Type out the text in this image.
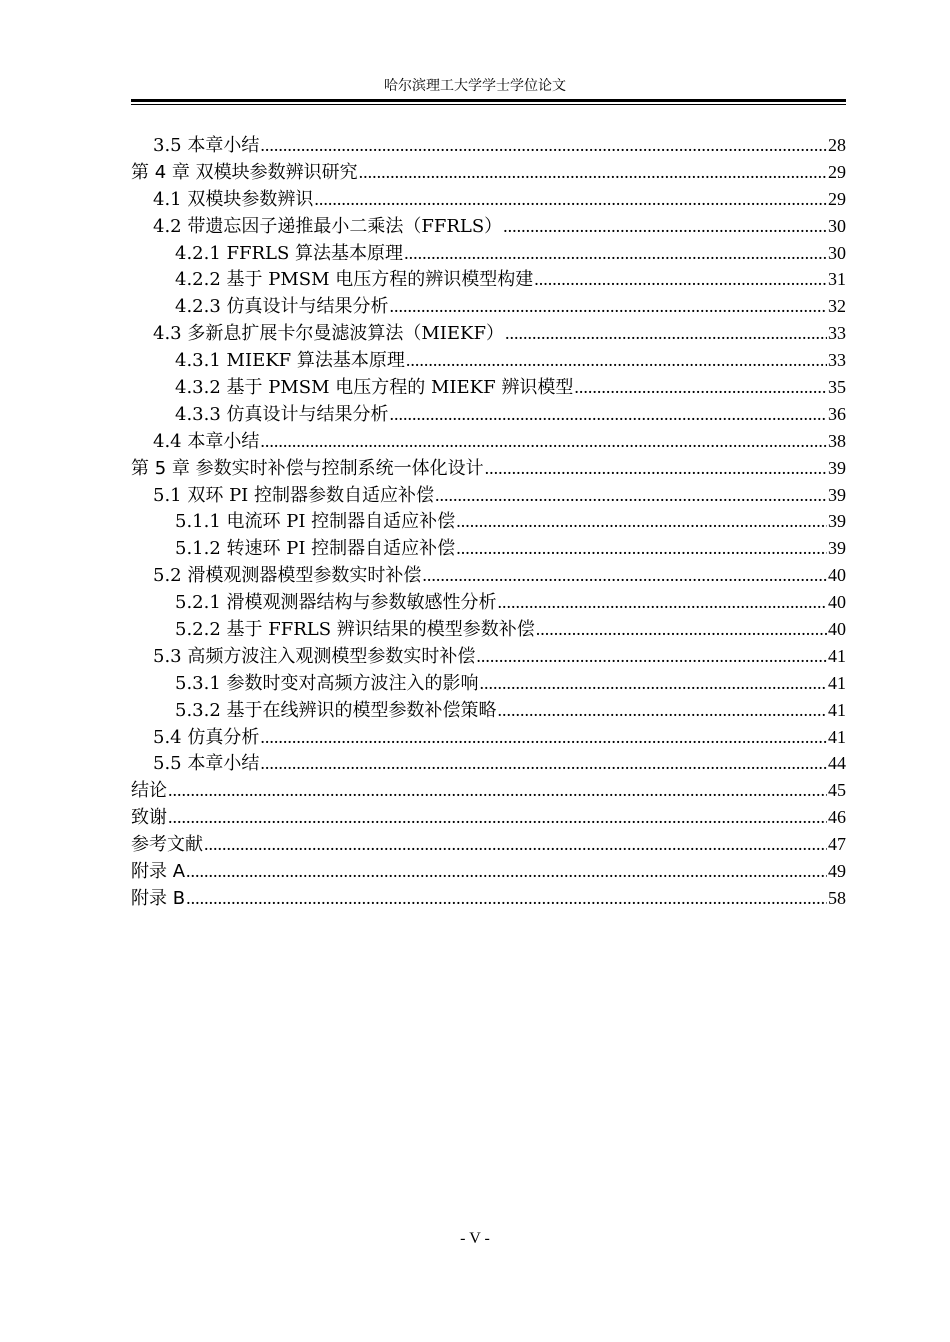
哈尔滨理工大学学士学位论文
3.5 本章小结 .....	28
第 4 章 双模块参数辨识研究 .....	29
4.1 双模块参数辨识 .....	29
4.2 带遗忘因子递推最小二乘法（FFRLS） .....	30
4.2.1 FFRLS 算法基本原理 .....	30
4.2.2 基于 PMSM 电压方程的辨识模型构建 .....	31
4.2.3 仿真设计与结果分析 .....	32
4.3 多新息扩展卡尔曼滤波算法（MIEKF） .....	33
4.3.1 MIEKF 算法基本原理 .....	33
4.3.2 基于 PMSM 电压方程的 MIEKF 辨识模型 .....	35
4.3.3 仿真设计与结果分析 .....	36
4.4 本章小结 .....	38
第 5 章 参数实时补偿与控制系统一体化设计 .....	39
5.1 双环 PI 控制器参数自适应补偿 .....	39
5.1.1 电流环 PI 控制器自适应补偿 .....	39
5.1.2 转速环 PI 控制器自适应补偿 .....	39
5.2 滑模观测器模型参数实时补偿 .....	40
5.2.1 滑模观测器结构与参数敏感性分析 .....	40
5.2.2 基于 FFRLS 辨识结果的模型参数补偿 .....	40
5.3 高频方波注入观测模型参数实时补偿 .....	41
5.3.1 参数时变对高频方波注入的影响 .....	41
5.3.2 基于在线辨识的模型参数补偿策略 .....	41
5.4 仿真分析 .....	41
5.5 本章小结 .....	44
结论 .....	45
致谢 .....	46
参考文献 .....	47
附录 A .....	49
附录 B .....	58
- V -
